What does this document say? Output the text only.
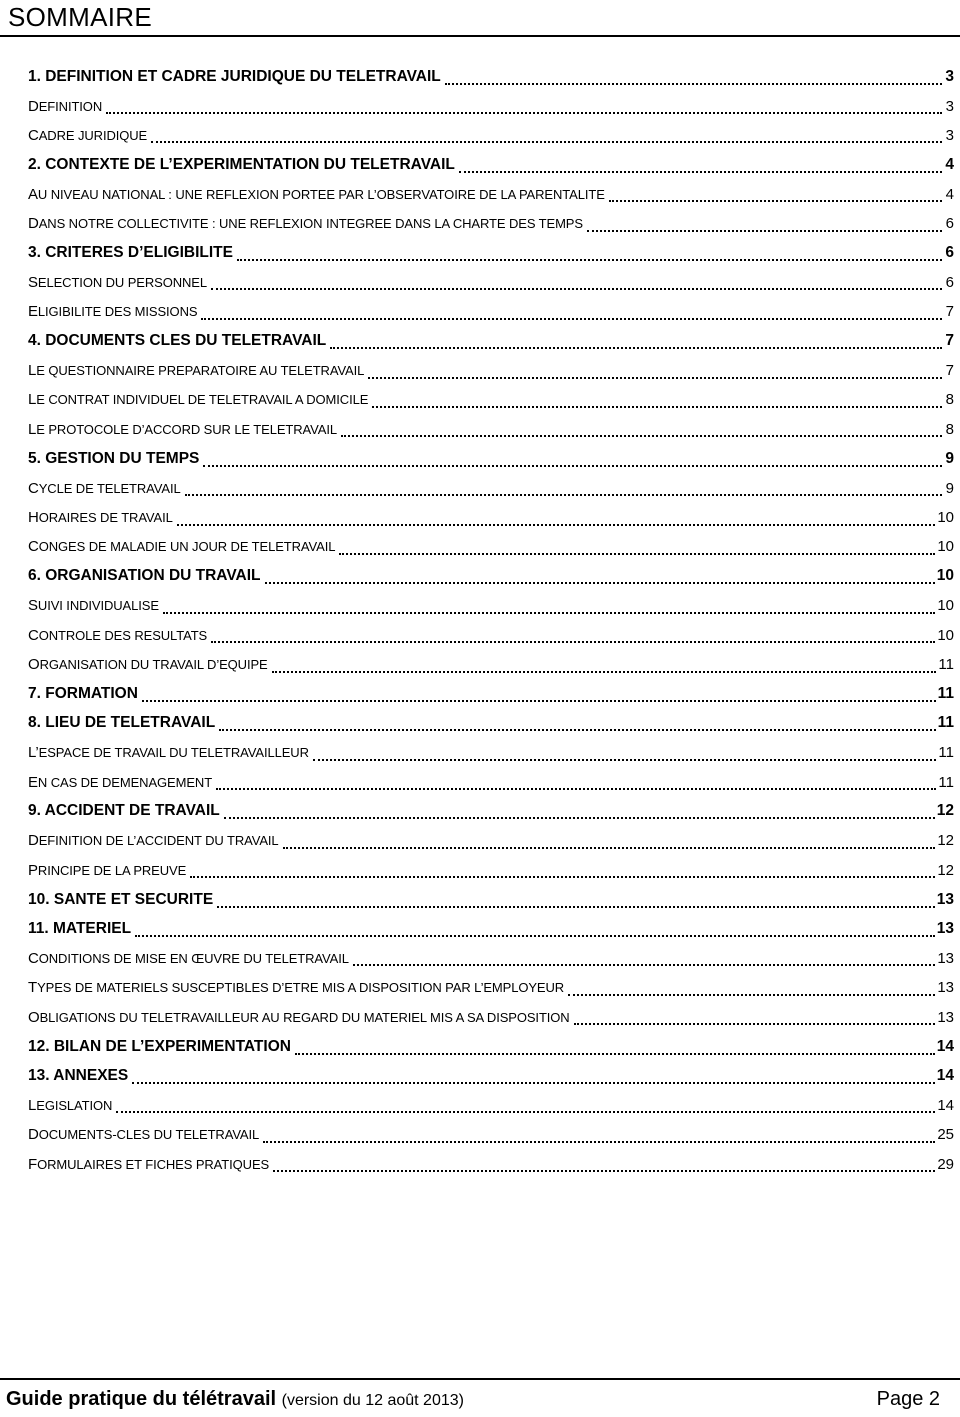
SOMMAIRE
1. DEFINITION ET CADRE JURIDIQUE DU TELETRAVAIL	3
DEFINITION	3
CADRE JURIDIQUE	3
2. CONTEXTE DE L’EXPERIMENTATION DU TELETRAVAIL	4
AU NIVEAU NATIONAL : UNE REFLEXION PORTEE PAR L’OBSERVATOIRE DE LA PARENTALITE	4
DANS NOTRE COLLECTIVITE : UNE REFLEXION INTEGREE DANS LA CHARTE DES TEMPS	6
3. CRITERES D’ELIGIBILITE	6
SELECTION DU PERSONNEL	6
ELIGIBILITE DES MISSIONS	7
4. DOCUMENTS CLES DU TELETRAVAIL	7
LE QUESTIONNAIRE PREPARATOIRE AU TELETRAVAIL	7
LE CONTRAT INDIVIDUEL DE TELETRAVAIL A DOMICILE	8
LE PROTOCOLE D’ACCORD SUR LE TELETRAVAIL	8
5. GESTION DU TEMPS	9
CYCLE DE TELETRAVAIL	9
HORAIRES DE TRAVAIL	10
CONGES DE MALADIE UN JOUR DE TELETRAVAIL	10
6. ORGANISATION DU TRAVAIL	10
SUIVI INDIVIDUALISE	10
CONTROLE DES RESULTATS	10
ORGANISATION DU TRAVAIL D’EQUIPE	11
7. FORMATION	11
8. LIEU DE TELETRAVAIL	11
L’ESPACE DE TRAVAIL DU TELETRAVAILLEUR	11
EN CAS DE DEMENAGEMENT	11
9. ACCIDENT DE TRAVAIL	12
DEFINITION DE L’ACCIDENT DU TRAVAIL	12
PRINCIPE DE LA PREUVE	12
10. SANTE ET SECURITE	13
11. MATERIEL	13
CONDITIONS DE MISE EN ŒUVRE DU TELETRAVAIL	13
TYPES DE MATERIELS SUSCEPTIBLES D’ETRE MIS A DISPOSITION PAR L’EMPLOYEUR	13
OBLIGATIONS DU TELETRAVAILLEUR AU REGARD DU MATERIEL MIS A SA DISPOSITION	13
12. BILAN DE L’EXPERIMENTATION	14
13. ANNEXES	14
LEGISLATION	14
DOCUMENTS-CLES DU TELETRAVAIL	25
FORMULAIRES ET FICHES PRATIQUES	29
Guide pratique du télétravail (version du 12 août 2013)	Page 2
